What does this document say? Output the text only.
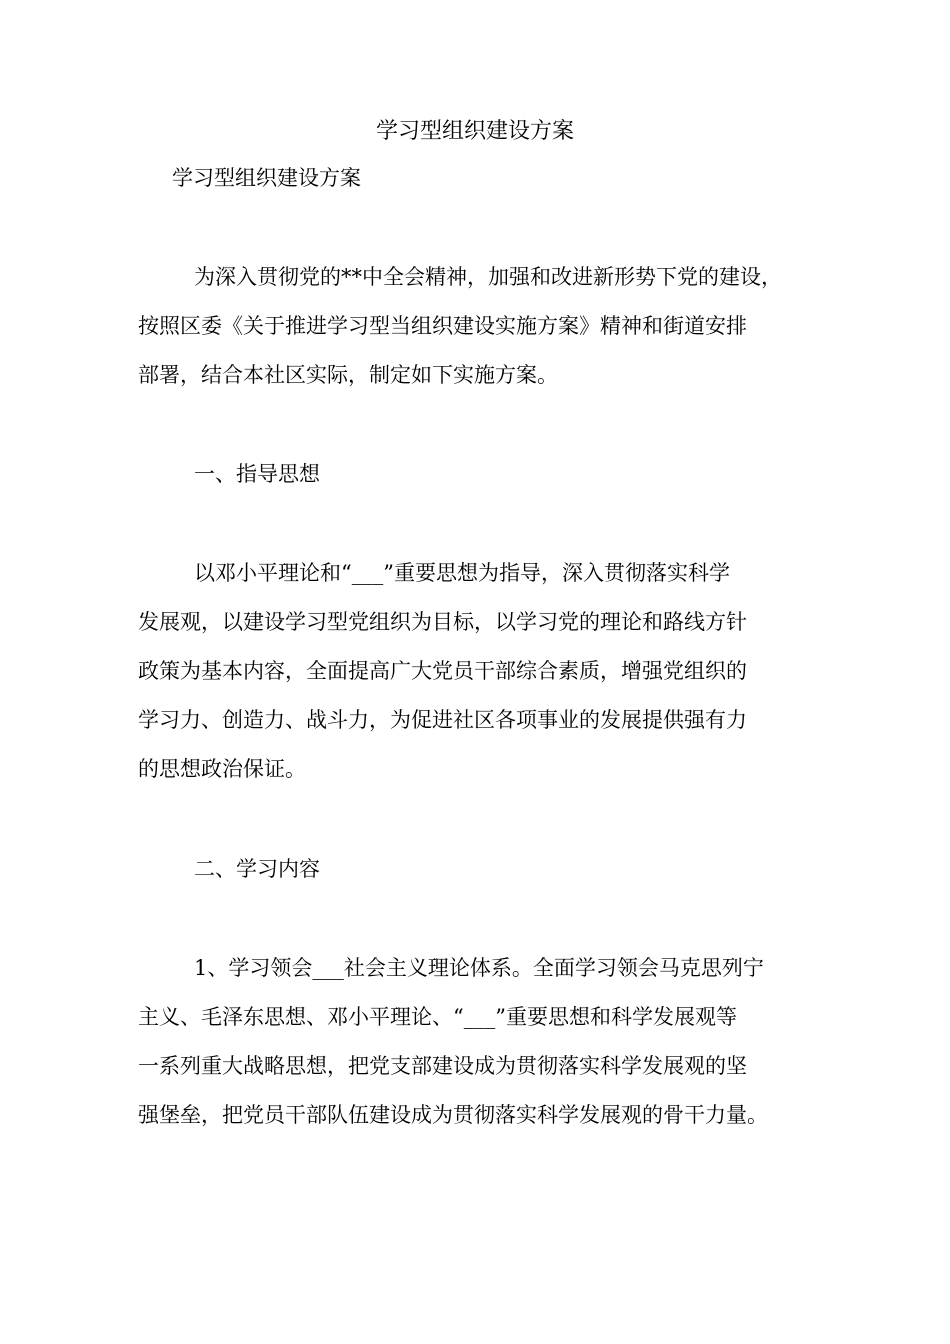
学习型组织建设方案

学习型组织建设方案

为深入贯彻党的**中全会精神，加强和改进新形势下党的建设，

按照区委《关于推进学习型当组织建设实施方案》精神和街道安排

部署，结合本社区实际，制定如下实施方案。

一、指导思想

以邓小平理论和“___”重要思想为指导，深入贯彻落实科学

发展观，以建设学习型党组织为目标，以学习党的理论和路线方针

政策为基本内容，全面提高广大党员干部综合素质，增强党组织的

学习力、创造力、战斗力，为促进社区各项事业的发展提供强有力

的思想政治保证。

二、学习内容

1、学习领会___社会主义理论体系。全面学习领会马克思列宁

主义、毛泽东思想、邓小平理论、“___”重要思想和科学发展观等

一系列重大战略思想，把党支部建设成为贯彻落实科学发展观的坚

强堡垒，把党员干部队伍建设成为贯彻落实科学发展观的骨干力量。
